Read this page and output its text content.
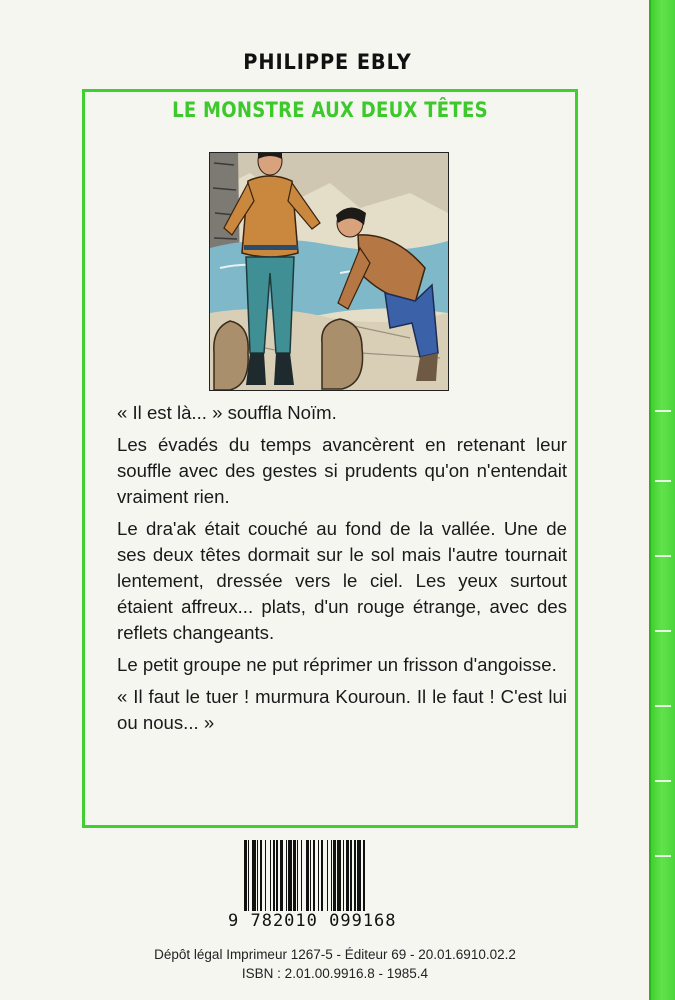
PHILIPPE EBLY
LE MONSTRE AUX DEUX TÊTES

« Il est là... » souffla Noïm.

Les évadés du temps avancèrent en retenant leur souffle avec des gestes si prudents qu'on n'entendait vraiment rien.

Le dra'ak était couché au fond de la vallée. Une de ses deux têtes dormait sur le sol mais l'autre tournait lentement, dressée vers le ciel. Les yeux surtout étaient affreux... plats, d'un rouge étrange, avec des reflets changeants.

Le petit groupe ne put réprimer un frisson d'angoisse.

« Il faut le tuer ! murmura Kouroun. Il le faut ! C'est lui ou nous... »

9 782010 099168
Dépôt légal Imprimeur 1267-5 - Éditeur 69 - 20.01.6910.02.2
ISBN : 2.01.00.9916.8 - 1985.4
